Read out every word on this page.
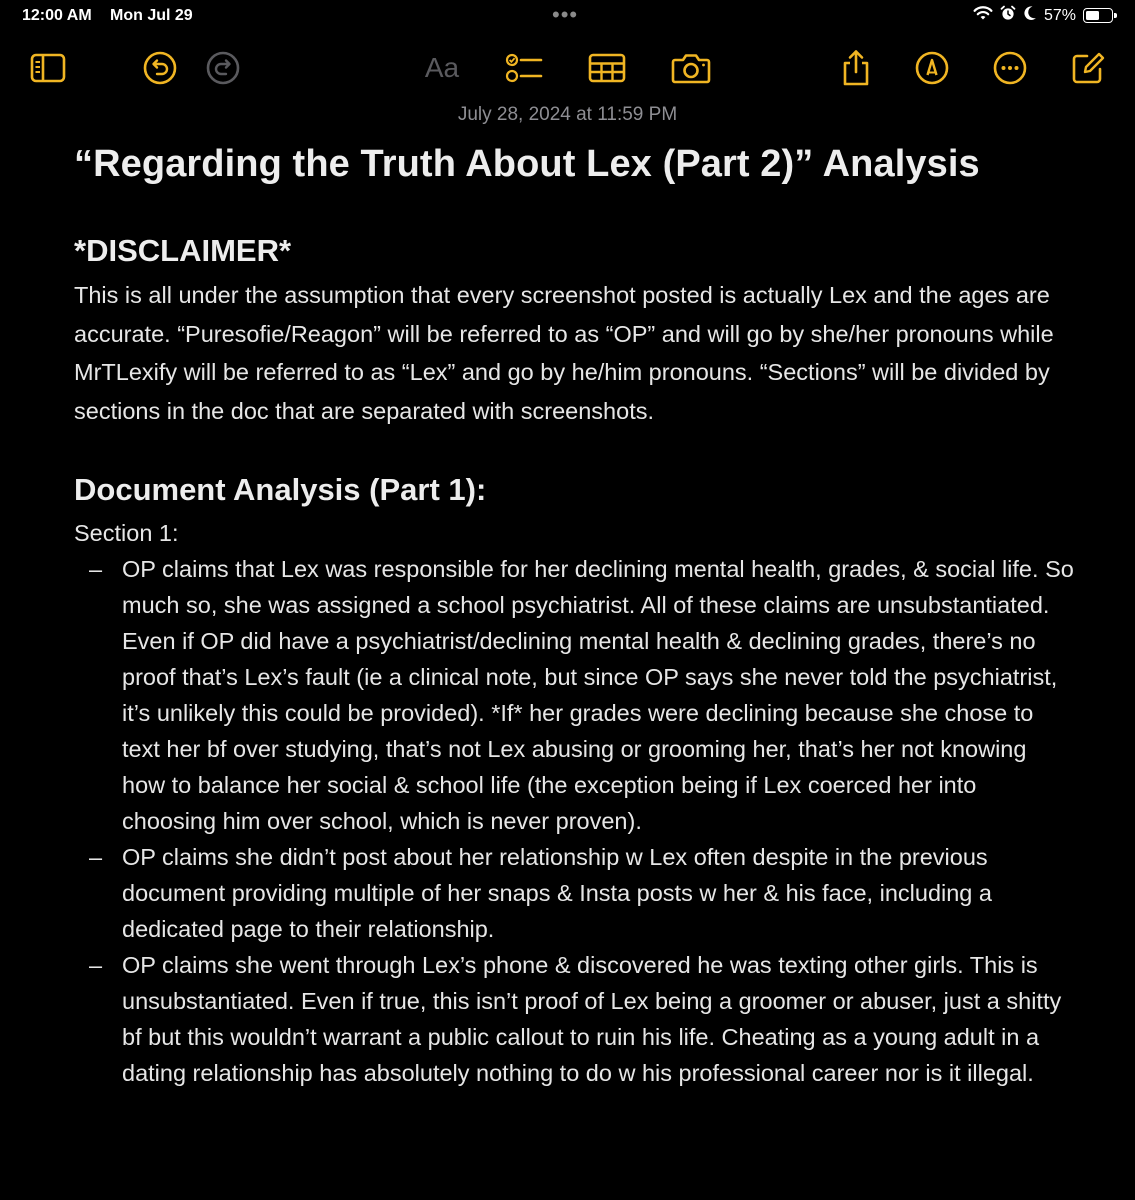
12:00 AM Mon Jul 29	•••	57%
Aa
July 28, 2024 at 11:59 PM
“Regarding the Truth About Lex (Part 2)” Analysis
*DISCLAIMER*

This is all under the assumption that every screenshot posted is actually Lex and the ages are accurate. “Puresofie/Reagon” will be referred to as “OP” and will go by she/her pronouns while MrTLexify will be referred to as “Lex” and go by he/him pronouns. “Sections” will be divided by sections in the doc that are separated with screenshots.

Document Analysis (Part 1):

Section 1:

– OP claims that Lex was responsible for her declining mental health, grades, & social life. So much so, she was assigned a school psychiatrist. All of these claims are unsubstantiated. Even if OP did have a psychiatrist/declining mental health & declining grades, there’s no proof that’s Lex’s fault (ie a clinical note, but since OP says she never told the psychiatrist, it’s unlikely this could be provided). *If* her grades were declining because she chose to text her bf over studying, that’s not Lex abusing or grooming her, that’s her not knowing how to balance her social & school life (the exception being if Lex coerced her into choosing him over school, which is never proven).
– OP claims she didn’t post about her relationship w Lex often despite in the previous document providing multiple of her snaps & Insta posts w her & his face, including a dedicated page to their relationship.
– OP claims she went through Lex’s phone & discovered he was texting other girls. This is unsubstantiated. Even if true, this isn’t proof of Lex being a groomer or abuser, just a shitty bf but this wouldn’t warrant a public callout to ruin his life. Cheating as a young adult in a dating relationship has absolutely nothing to do w his professional career nor is it illegal.
